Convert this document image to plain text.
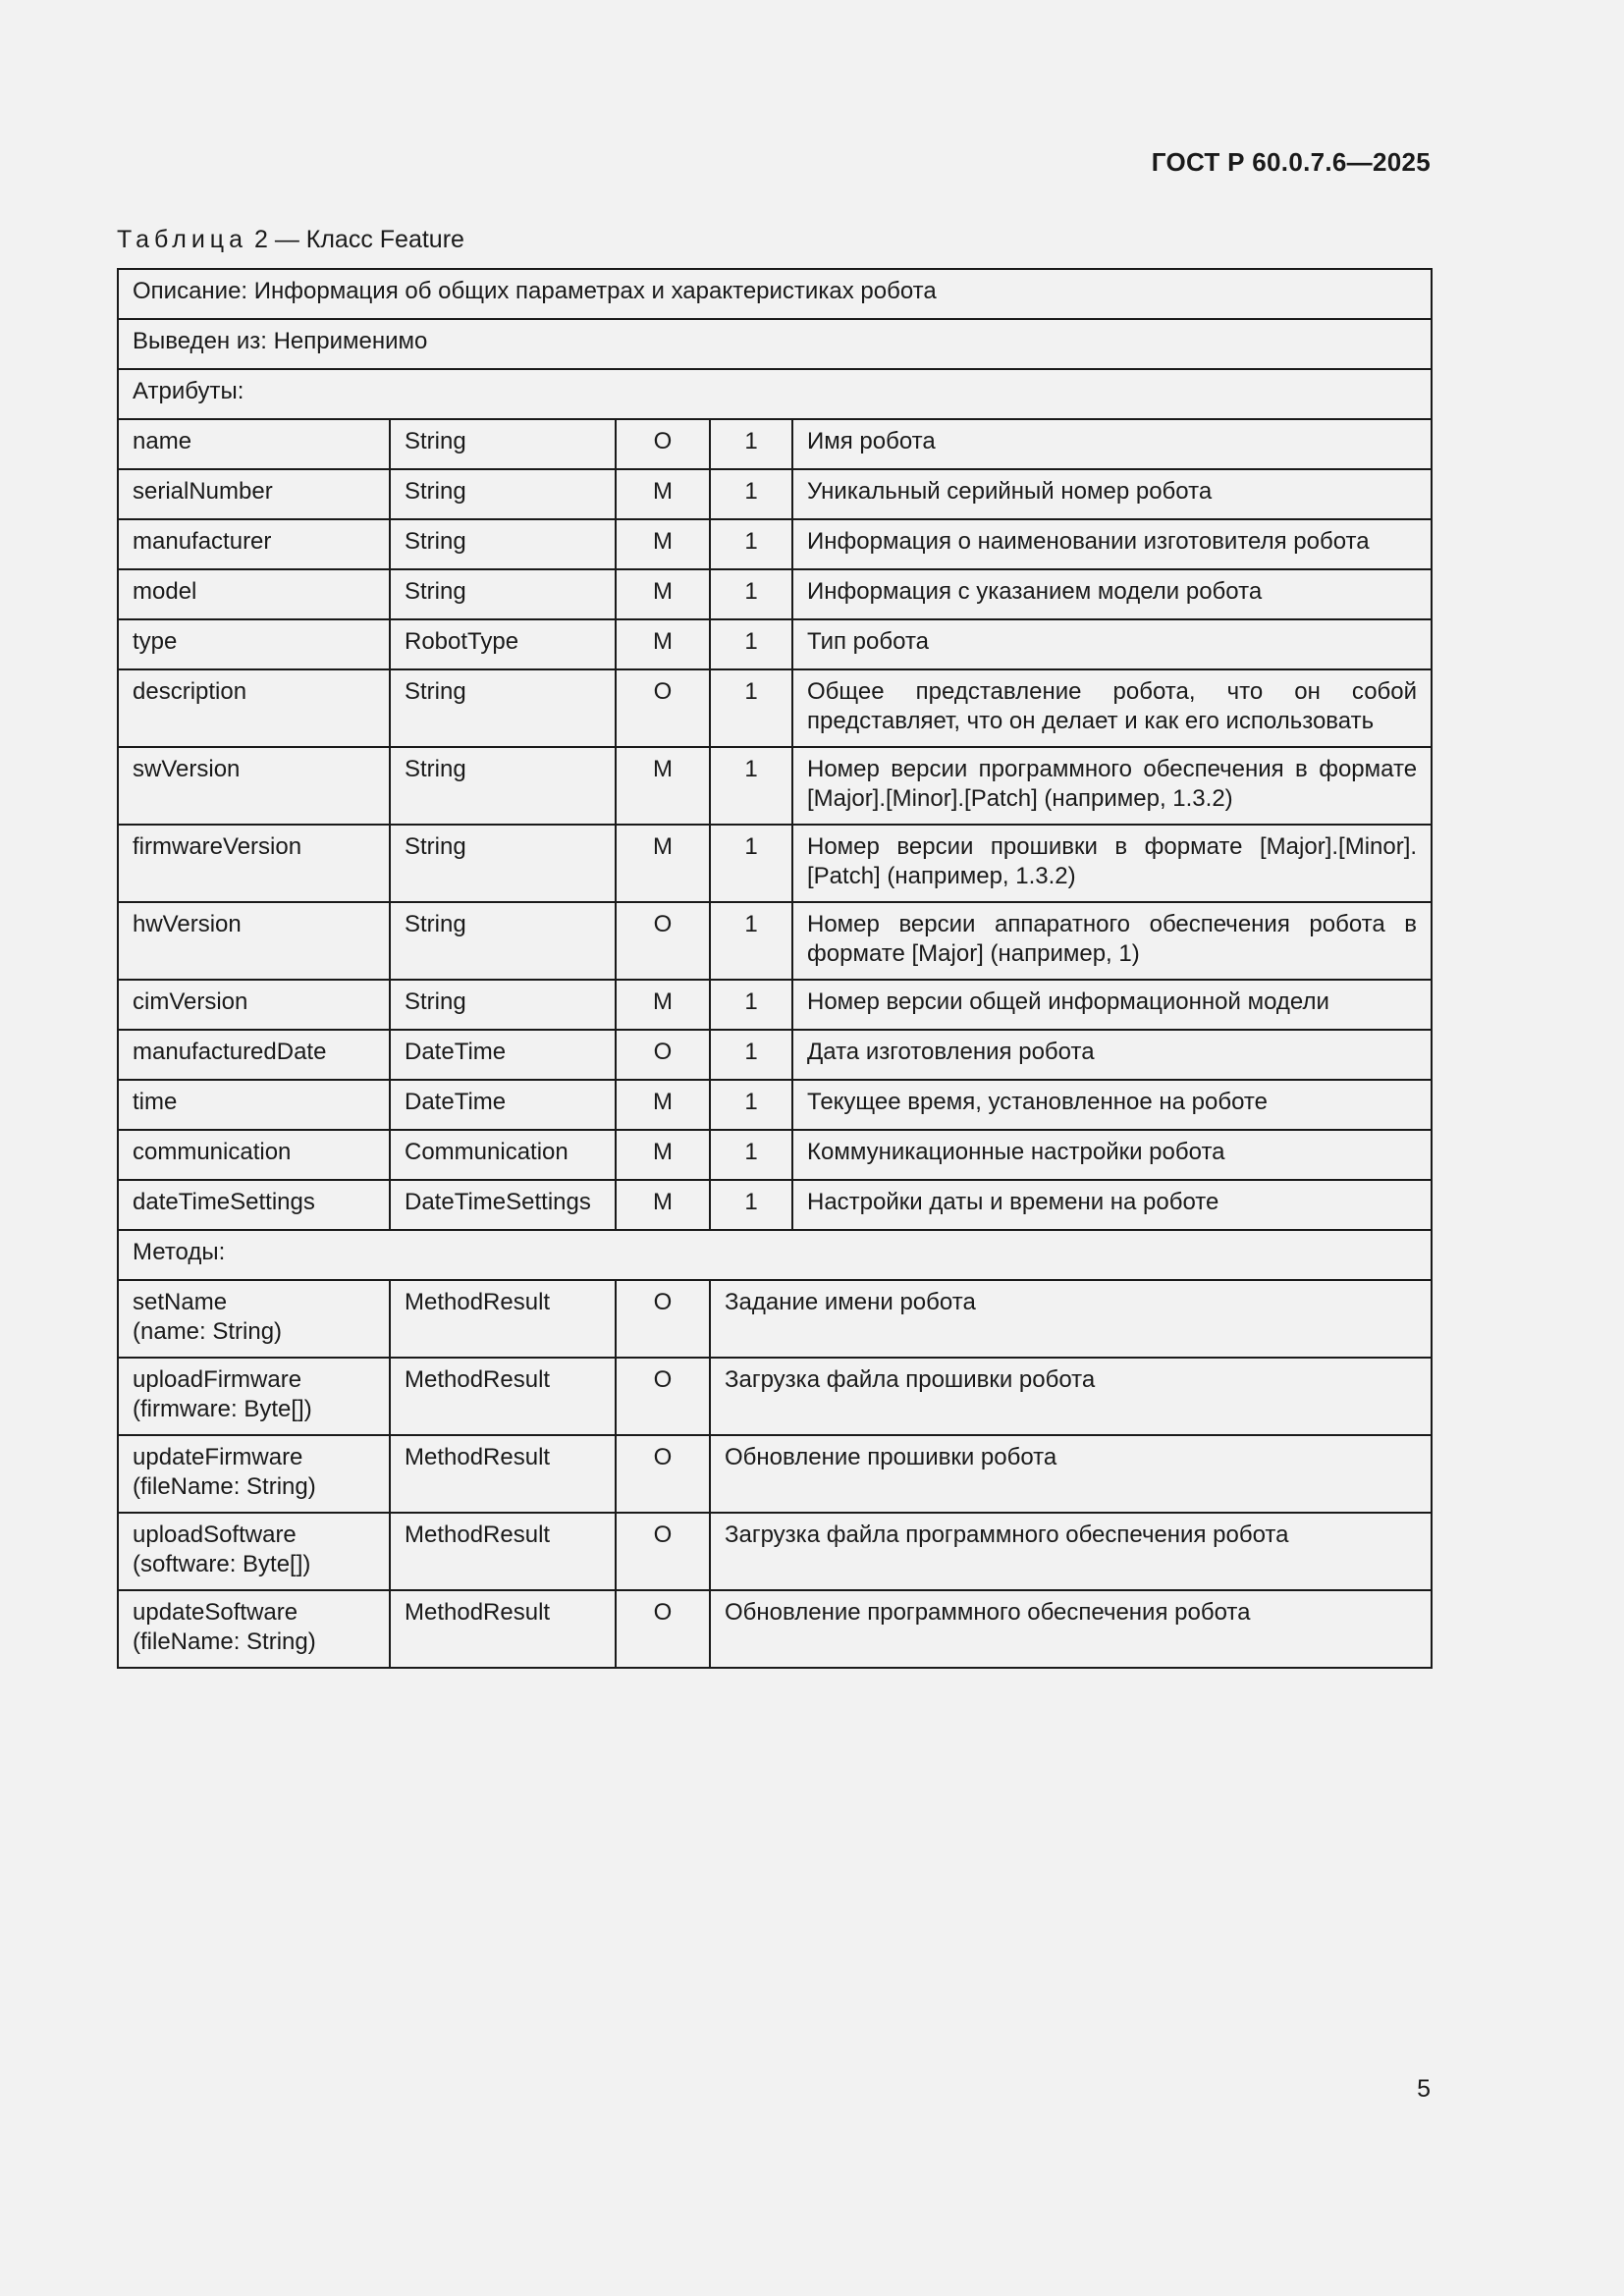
ГОСТ Р 60.0.7.6—2025
Таблица 2 — Класс Feature
Описание: Информация об общих параметрах и характеристиках робота				
Выведен из: Неприменимо				
Атрибуты:				
name	String	O	1	Имя робота
serialNumber	String	M	1	Уникальный серийный номер робота
manufacturer	String	M	1	Информация о наименовании изготовителя робота
model	String	M	1	Информация с указанием модели робота
type	RobotType	M	1	Тип робота
description	String	O	1	Общее представление робота, что он собой представляет, что он делает и как его использовать
swVersion	String	M	1	Номер версии программного обеспечения в формате [Major].[Minor].[Patch] (например, 1.3.2)
firmwareVersion	String	M	1	Номер версии прошивки в формате [Major].[Minor].[Patch] (например, 1.3.2)
hwVersion	String	O	1	Номер версии аппаратного обеспечения робота в формате [Major] (например, 1)
cimVersion	String	M	1	Номер версии общей информационной модели
manufacturedDate	DateTime	O	1	Дата изготовления робота
time	DateTime	M	1	Текущее время, установленное на роботе
communication	Communication	M	1	Коммуникационные настройки робота
dateTimeSettings	DateTimeSettings	M	1	Настройки даты и времени на роботе
Методы:				

setName
(name: String)	MethodResult	O	Задание имени робота	

uploadFirmware
(firmware: Byte[])	MethodResult	O	Загрузка файла прошивки робота	

updateFirmware
(fileName: String)	MethodResult	O	Обновление прошивки робота	

uploadSoftware
(software: Byte[])	MethodResult	O	Загрузка файла программного обеспечения робота	

updateSoftware
(fileName: String)	MethodResult	O	Обновление программного обеспечения робота	
5
